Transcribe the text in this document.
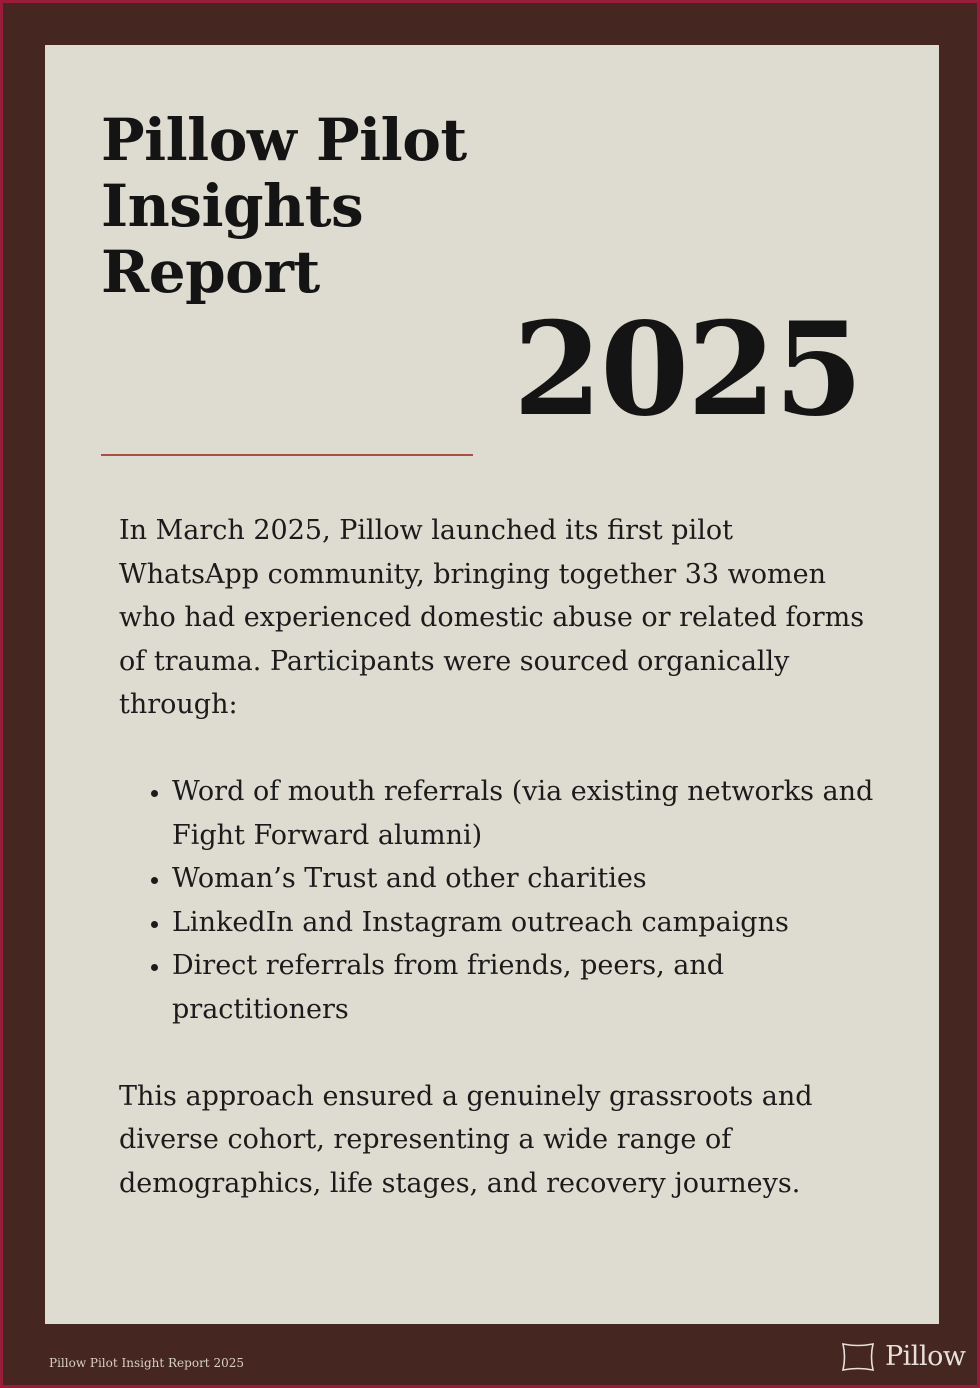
Pillow Pilot
Insights
Report
2025

In March 2025, Pillow launched its first pilot WhatsApp community, bringing together 33 women who had experienced domestic abuse or related forms of trauma. Participants were sourced organically through:

• Word of mouth referrals (via existing networks and Fight Forward alumni)
• Woman’s Trust and other charities
• LinkedIn and Instagram outreach campaigns
• Direct referrals from friends, peers, and practitioners

This approach ensured a genuinely grassroots and diverse cohort, representing a wide range of demographics, life stages, and recovery journeys.

Pillow Pilot Insight Report 2025	Pillow
